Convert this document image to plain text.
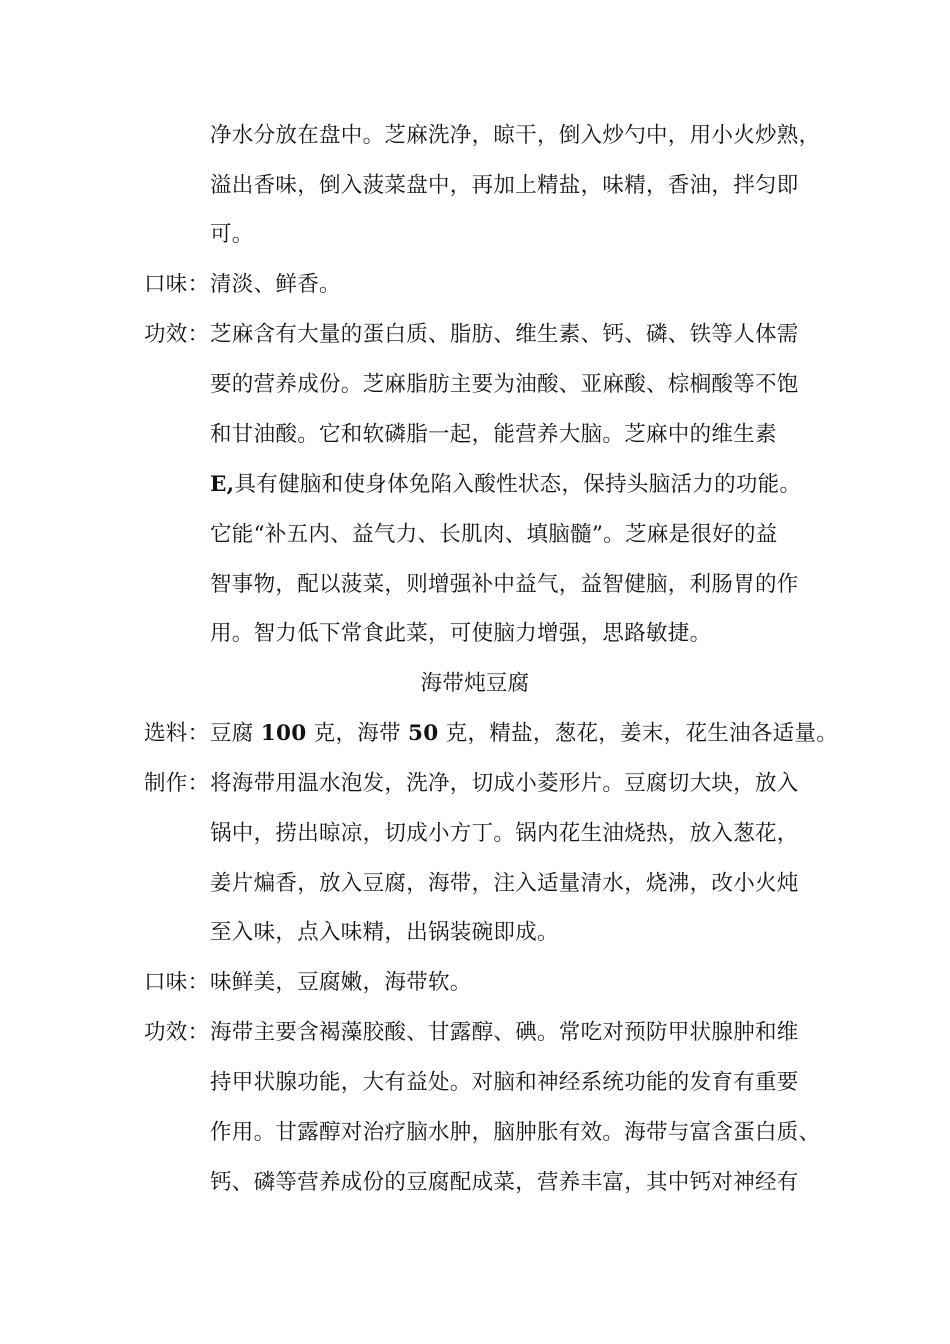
净水分放在盘中。芝麻洗净，晾干，倒入炒勺中，用小火炒熟，
溢出香味，倒入菠菜盘中，再加上精盐，味精，香油，拌匀即
可。
口味： 清淡、鲜香。
功效： 芝麻含有大量的蛋白质、脂肪、维生素、钙、磷、铁等人体需
要的营养成份。芝麻脂肪主要为油酸、亚麻酸、棕榈酸等不饱
和甘油酸。它和软磷脂一起，能营养大脑。芝麻中的维生素
E,具有健脑和使身体免陷入酸性状态，保持头脑活力的功能。
它能“补五内、益气力、长肌肉、填脑髓”。芝麻是很好的益
智事物，配以菠菜，则增强补中益气，益智健脑，利肠胃的作
用。智力低下常食此菜，可使脑力增强，思路敏捷。
海带炖豆腐
选料： 豆腐 100 克，海带 50 克，精盐，葱花，姜末，花生油各适量。
制作： 将海带用温水泡发，洗净，切成小菱形片。豆腐切大块，放入
锅中，捞出晾凉，切成小方丁。锅内花生油烧热，放入葱花，
姜片煸香，放入豆腐，海带，注入适量清水，烧沸，改小火炖
至入味，点入味精，出锅装碗即成。
口味： 味鲜美，豆腐嫩，海带软。
功效： 海带主要含褐藻胶酸、甘露醇、碘。常吃对预防甲状腺肿和维
持甲状腺功能，大有益处。对脑和神经系统功能的发育有重要
作用。甘露醇对治疗脑水肿，脑肿胀有效。海带与富含蛋白质、
钙、磷等营养成份的豆腐配成菜，营养丰富，其中钙对神经有
